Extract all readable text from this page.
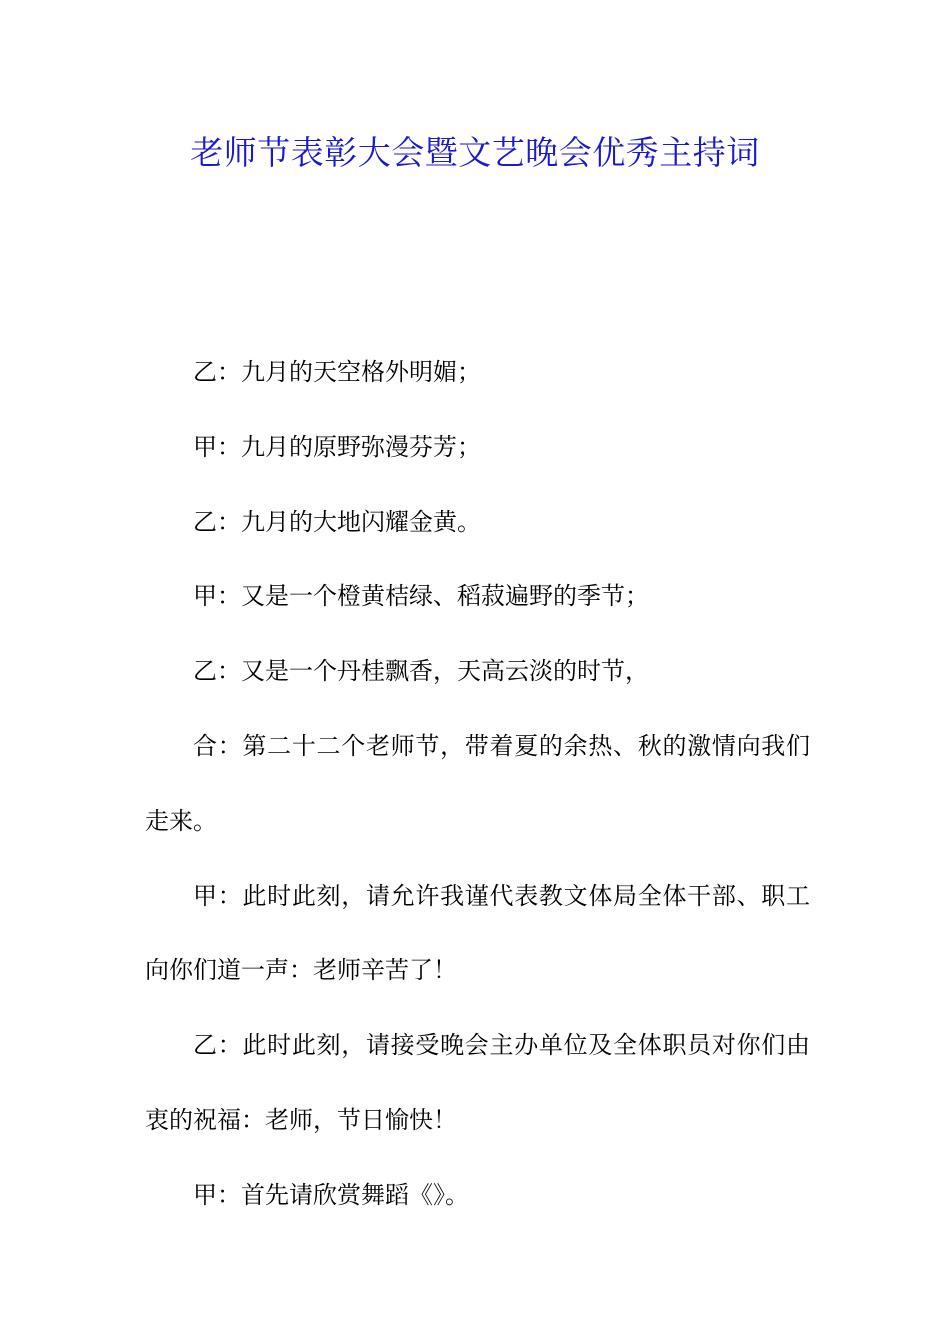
老师节表彰大会暨文艺晚会优秀主持词

乙：九月的天空格外明媚；

甲：九月的原野弥漫芬芳；

乙：九月的大地闪耀金黄。

甲：又是一个橙黄桔绿、稻菽遍野的季节；

乙：又是一个丹桂飘香，天高云淡的时节，

合：第二十二个老师节，带着夏的余热、秋的激情向我们走来。

甲：此时此刻，请允许我谨代表教文体局全体干部、职工向你们道一声：老师辛苦了！

乙：此时此刻，请接受晚会主办单位及全体职员对你们由衷的祝福：老师，节日愉快！

甲：首先请欣赏舞蹈《》。
